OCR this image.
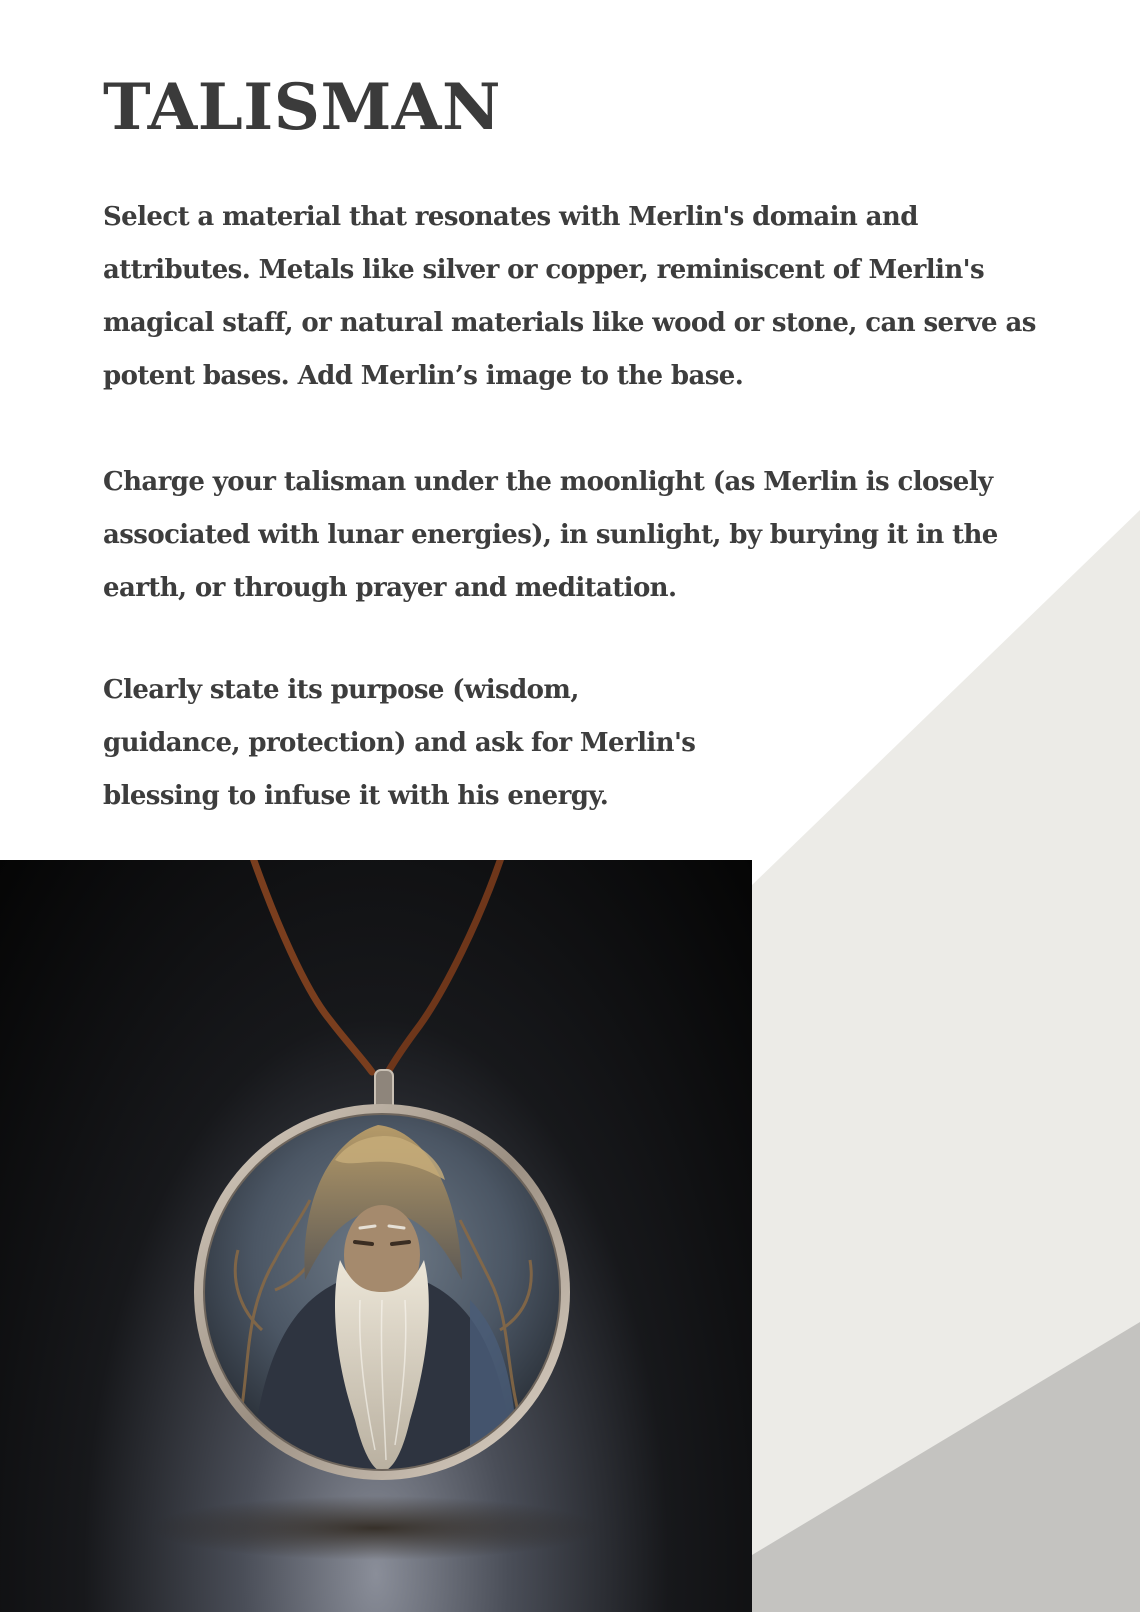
TALISMAN

Select a material that resonates with Merlin's domain and attributes. Metals like silver or copper, reminiscent of Merlin's magical staff, or natural materials like wood or stone, can serve as potent bases. Add Merlin’s image to the base.

Charge your talisman under the moonlight (as Merlin is closely associated with lunar energies), in sunlight, by burying it in the earth, or through prayer and meditation.

Clearly state its purpose (wisdom, guidance, protection) and ask for Merlin's blessing to infuse it with his energy.
